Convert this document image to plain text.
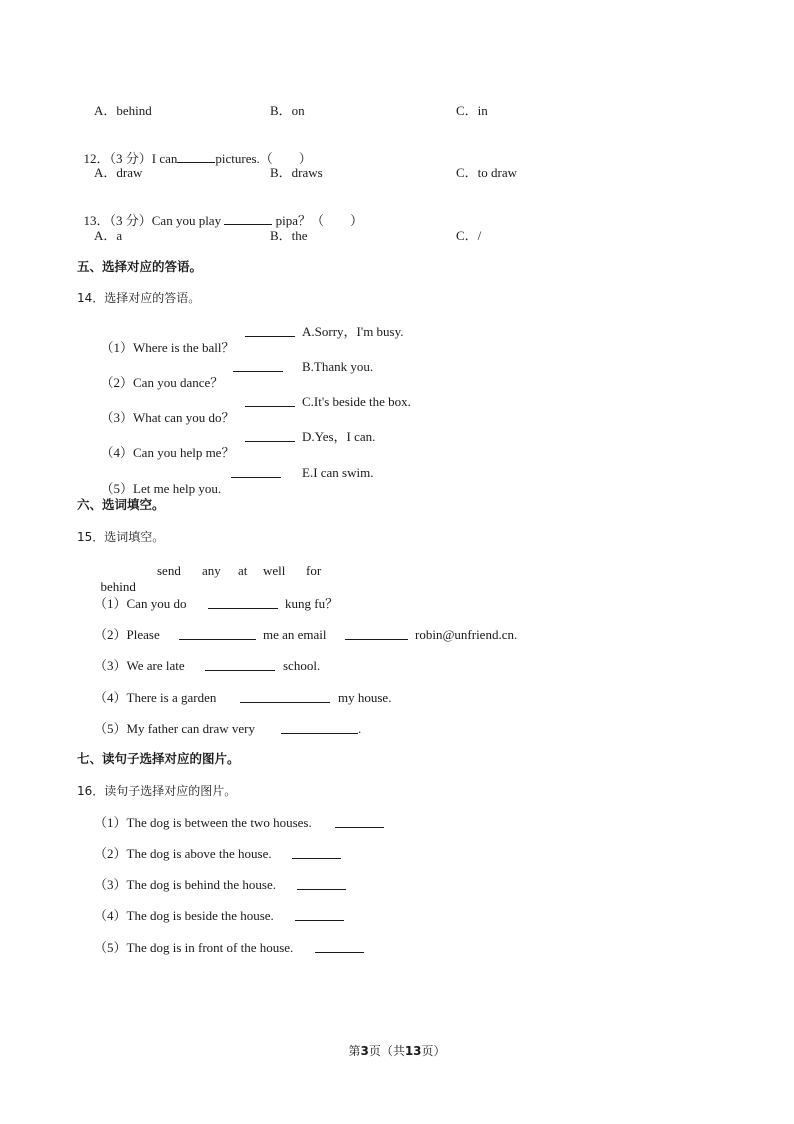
A．behind	B．on	C．in

12．（3 分）I can	pictures.（　　）

A．draw	B．draws	C．to draw

13．（3 分）Can you play	pipa？（　　）

A．a	B．the	C．/
五、选择对应的答语。
14．选择对应的答语。

（1）Where is the ball？

A.Sorry，I'm busy.

（2）Can you dance？

B.Thank you.

（3）What can you do？

C.It's beside the box.

（4）Can you help me？

D.Yes，I can.

（5）Let me help you.

E.I can swim.
六、选词填空。
15．选词填空。

behind

send any at well for
（1）Can you do	kung fu？
（2）Please	me an email	robin@unfriend.cn.
（3）We are late	school.
（4）There is a garden	my house.
（5）My father can draw very	.
七、读句子选择对应的图片。
16．读句子选择对应的图片。
（1）The dog is between the two houses.
（2）The dog is above the house.
（3）The dog is behind the house.
（4）The dog is beside the house.
（5）The dog is in front of the house.
第3页（共13页）
